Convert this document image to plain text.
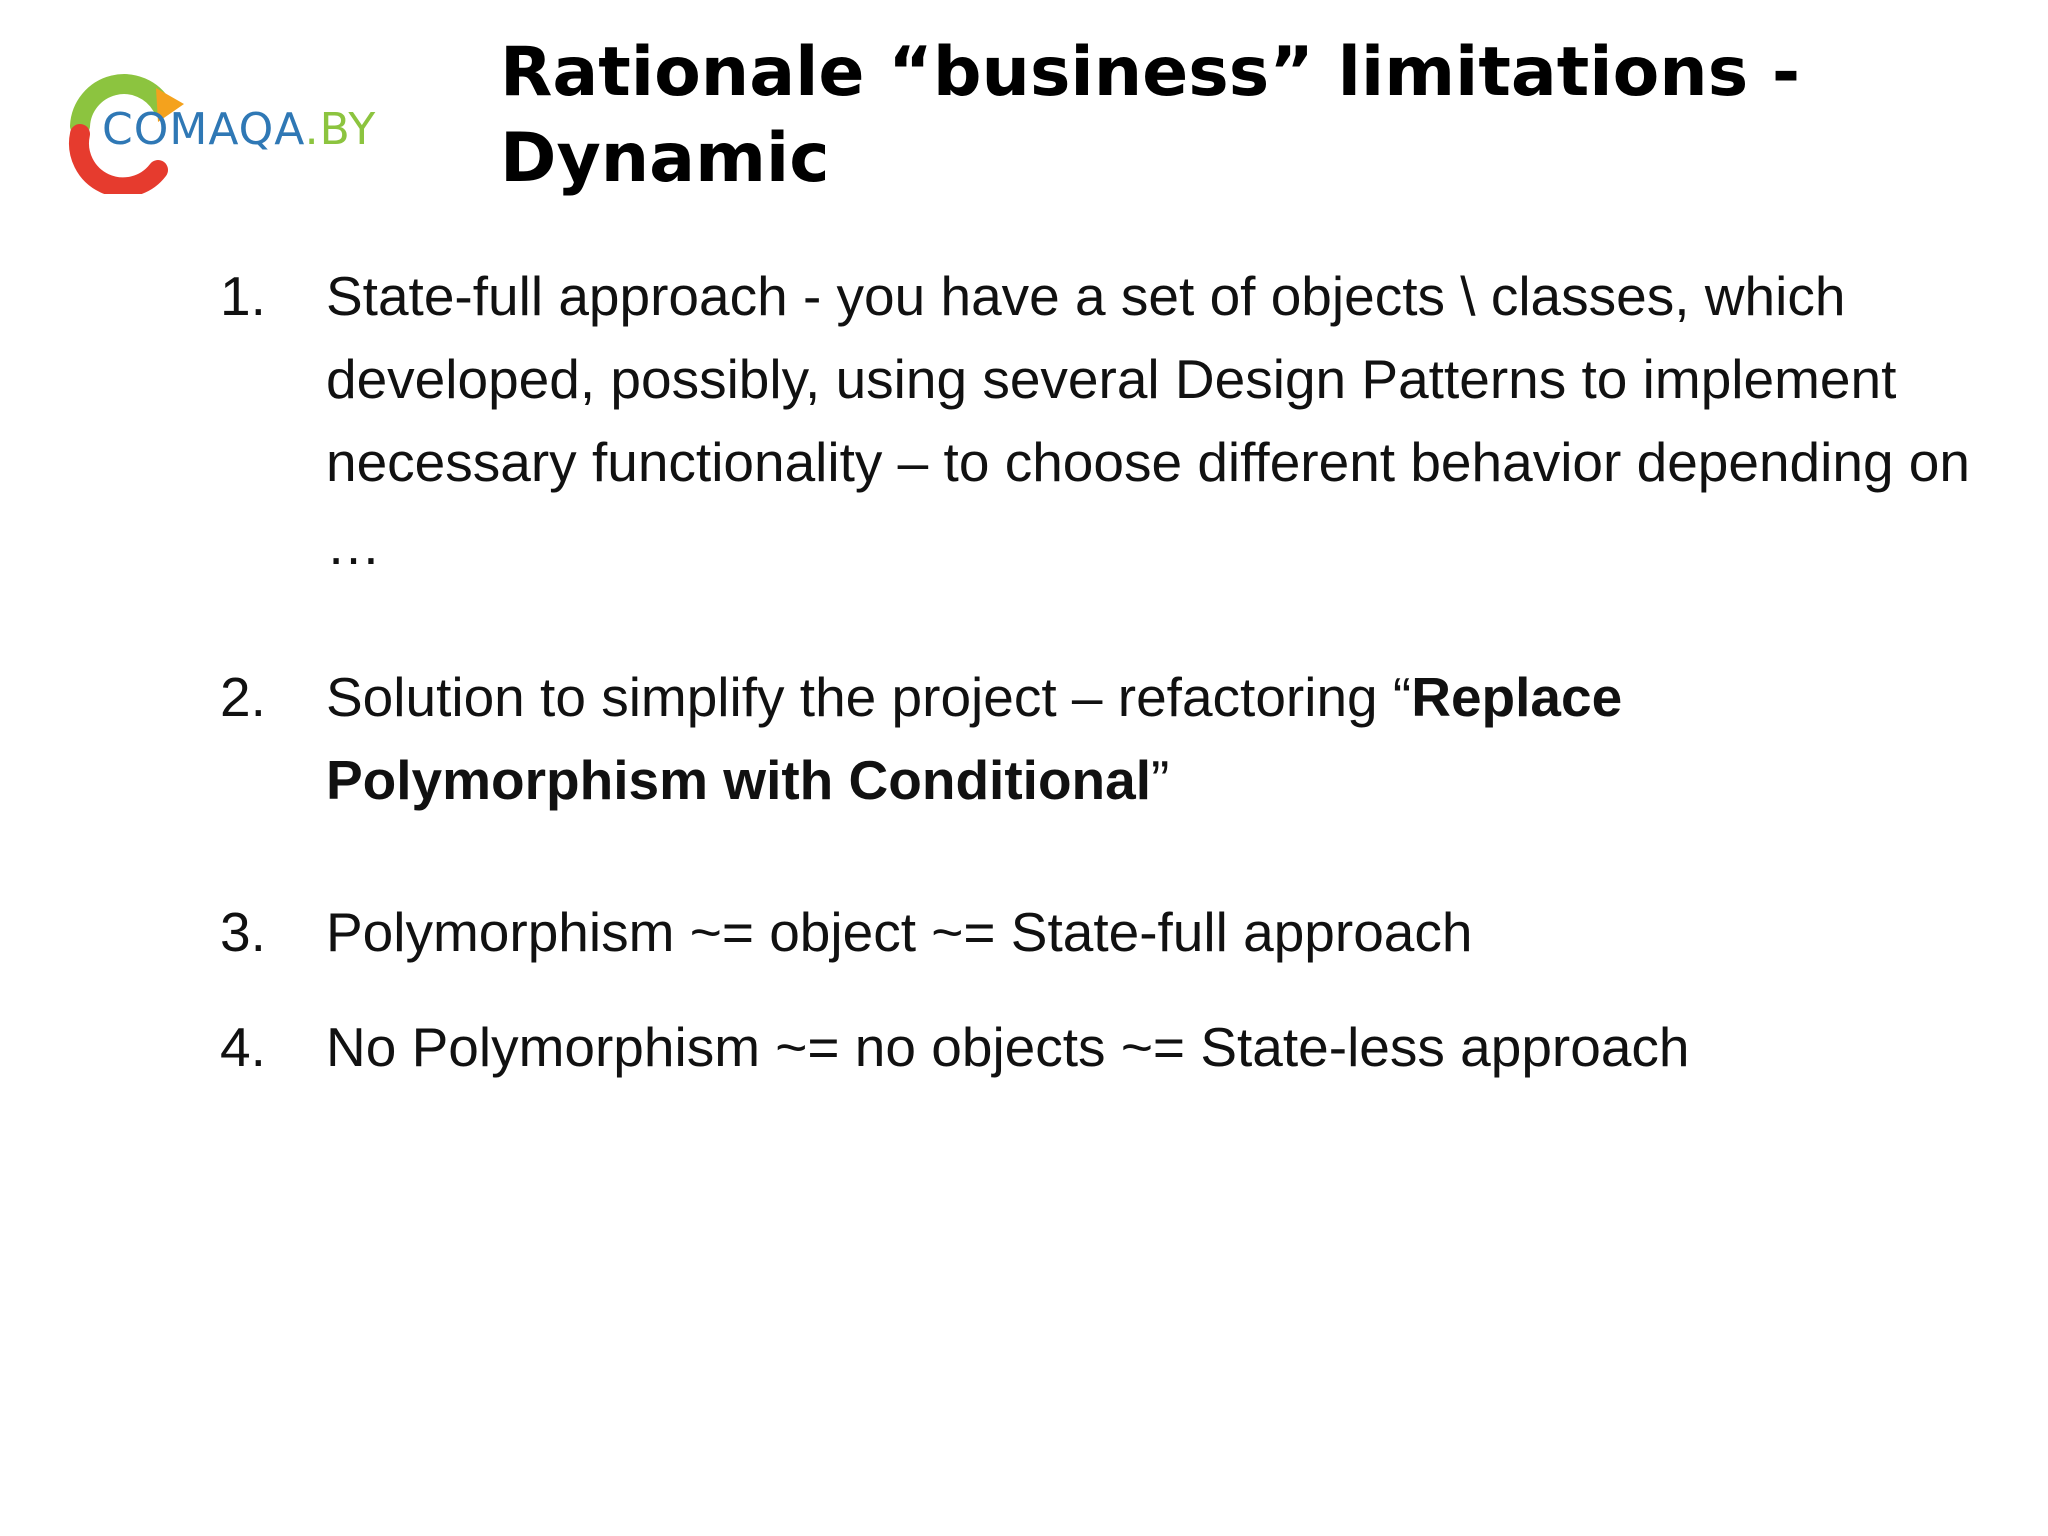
COMAQA.BY
Rationale “business” limitations - Dynamic
1. State-full approach - you have a set of objects \ classes, which developed, possibly, using several Design Patterns to implement necessary functionality – to choose different behavior depending on …
2. Solution to simplify the project – refactoring “Replace Polymorphism with Conditional”
3. Polymorphism ~= object ~= State-full approach
4. No Polymorphism ~= no objects ~= State-less approach
